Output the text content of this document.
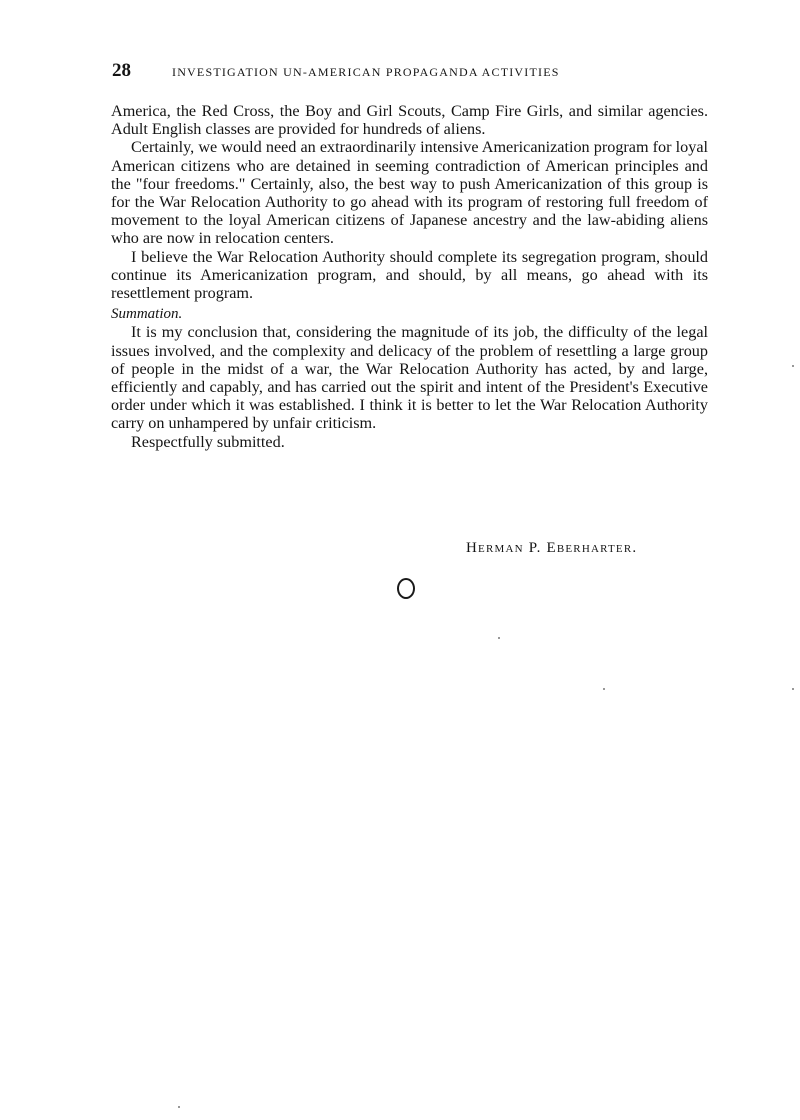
28	INVESTIGATION UN-AMERICAN PROPAGANDA ACTIVITIES

America, the Red Cross, the Boy and Girl Scouts, Camp Fire Girls, and similar agencies. Adult English classes are provided for hundreds of aliens.

Certainly, we would need an extraordinarily intensive Americanization program for loyal American citizens who are detained in seeming contradiction of American principles and the "four freedoms." Certainly, also, the best way to push Americanization of this group is for the War Relocation Authority to go ahead with its program of restoring full freedom of movement to the loyal American citizens of Japanese ancestry and the law-abiding aliens who are now in relocation centers.

I believe the War Relocation Authority should complete its segregation program, should continue its Americanization program, and should, by all means, go ahead with its resettlement program.

Summation.

It is my conclusion that, considering the magnitude of its job, the difficulty of the legal issues involved, and the complexity and delicacy of the problem of resettling a large group of people in the midst of a war, the War Relocation Authority has acted, by and large, efficiently and capably, and has carried out the spirit and intent of the President's Executive order under which it was established. I think it is better to let the War Relocation Authority carry on unhampered by unfair criticism.

Respectfully submitted.

Herman P. Eberharter.
